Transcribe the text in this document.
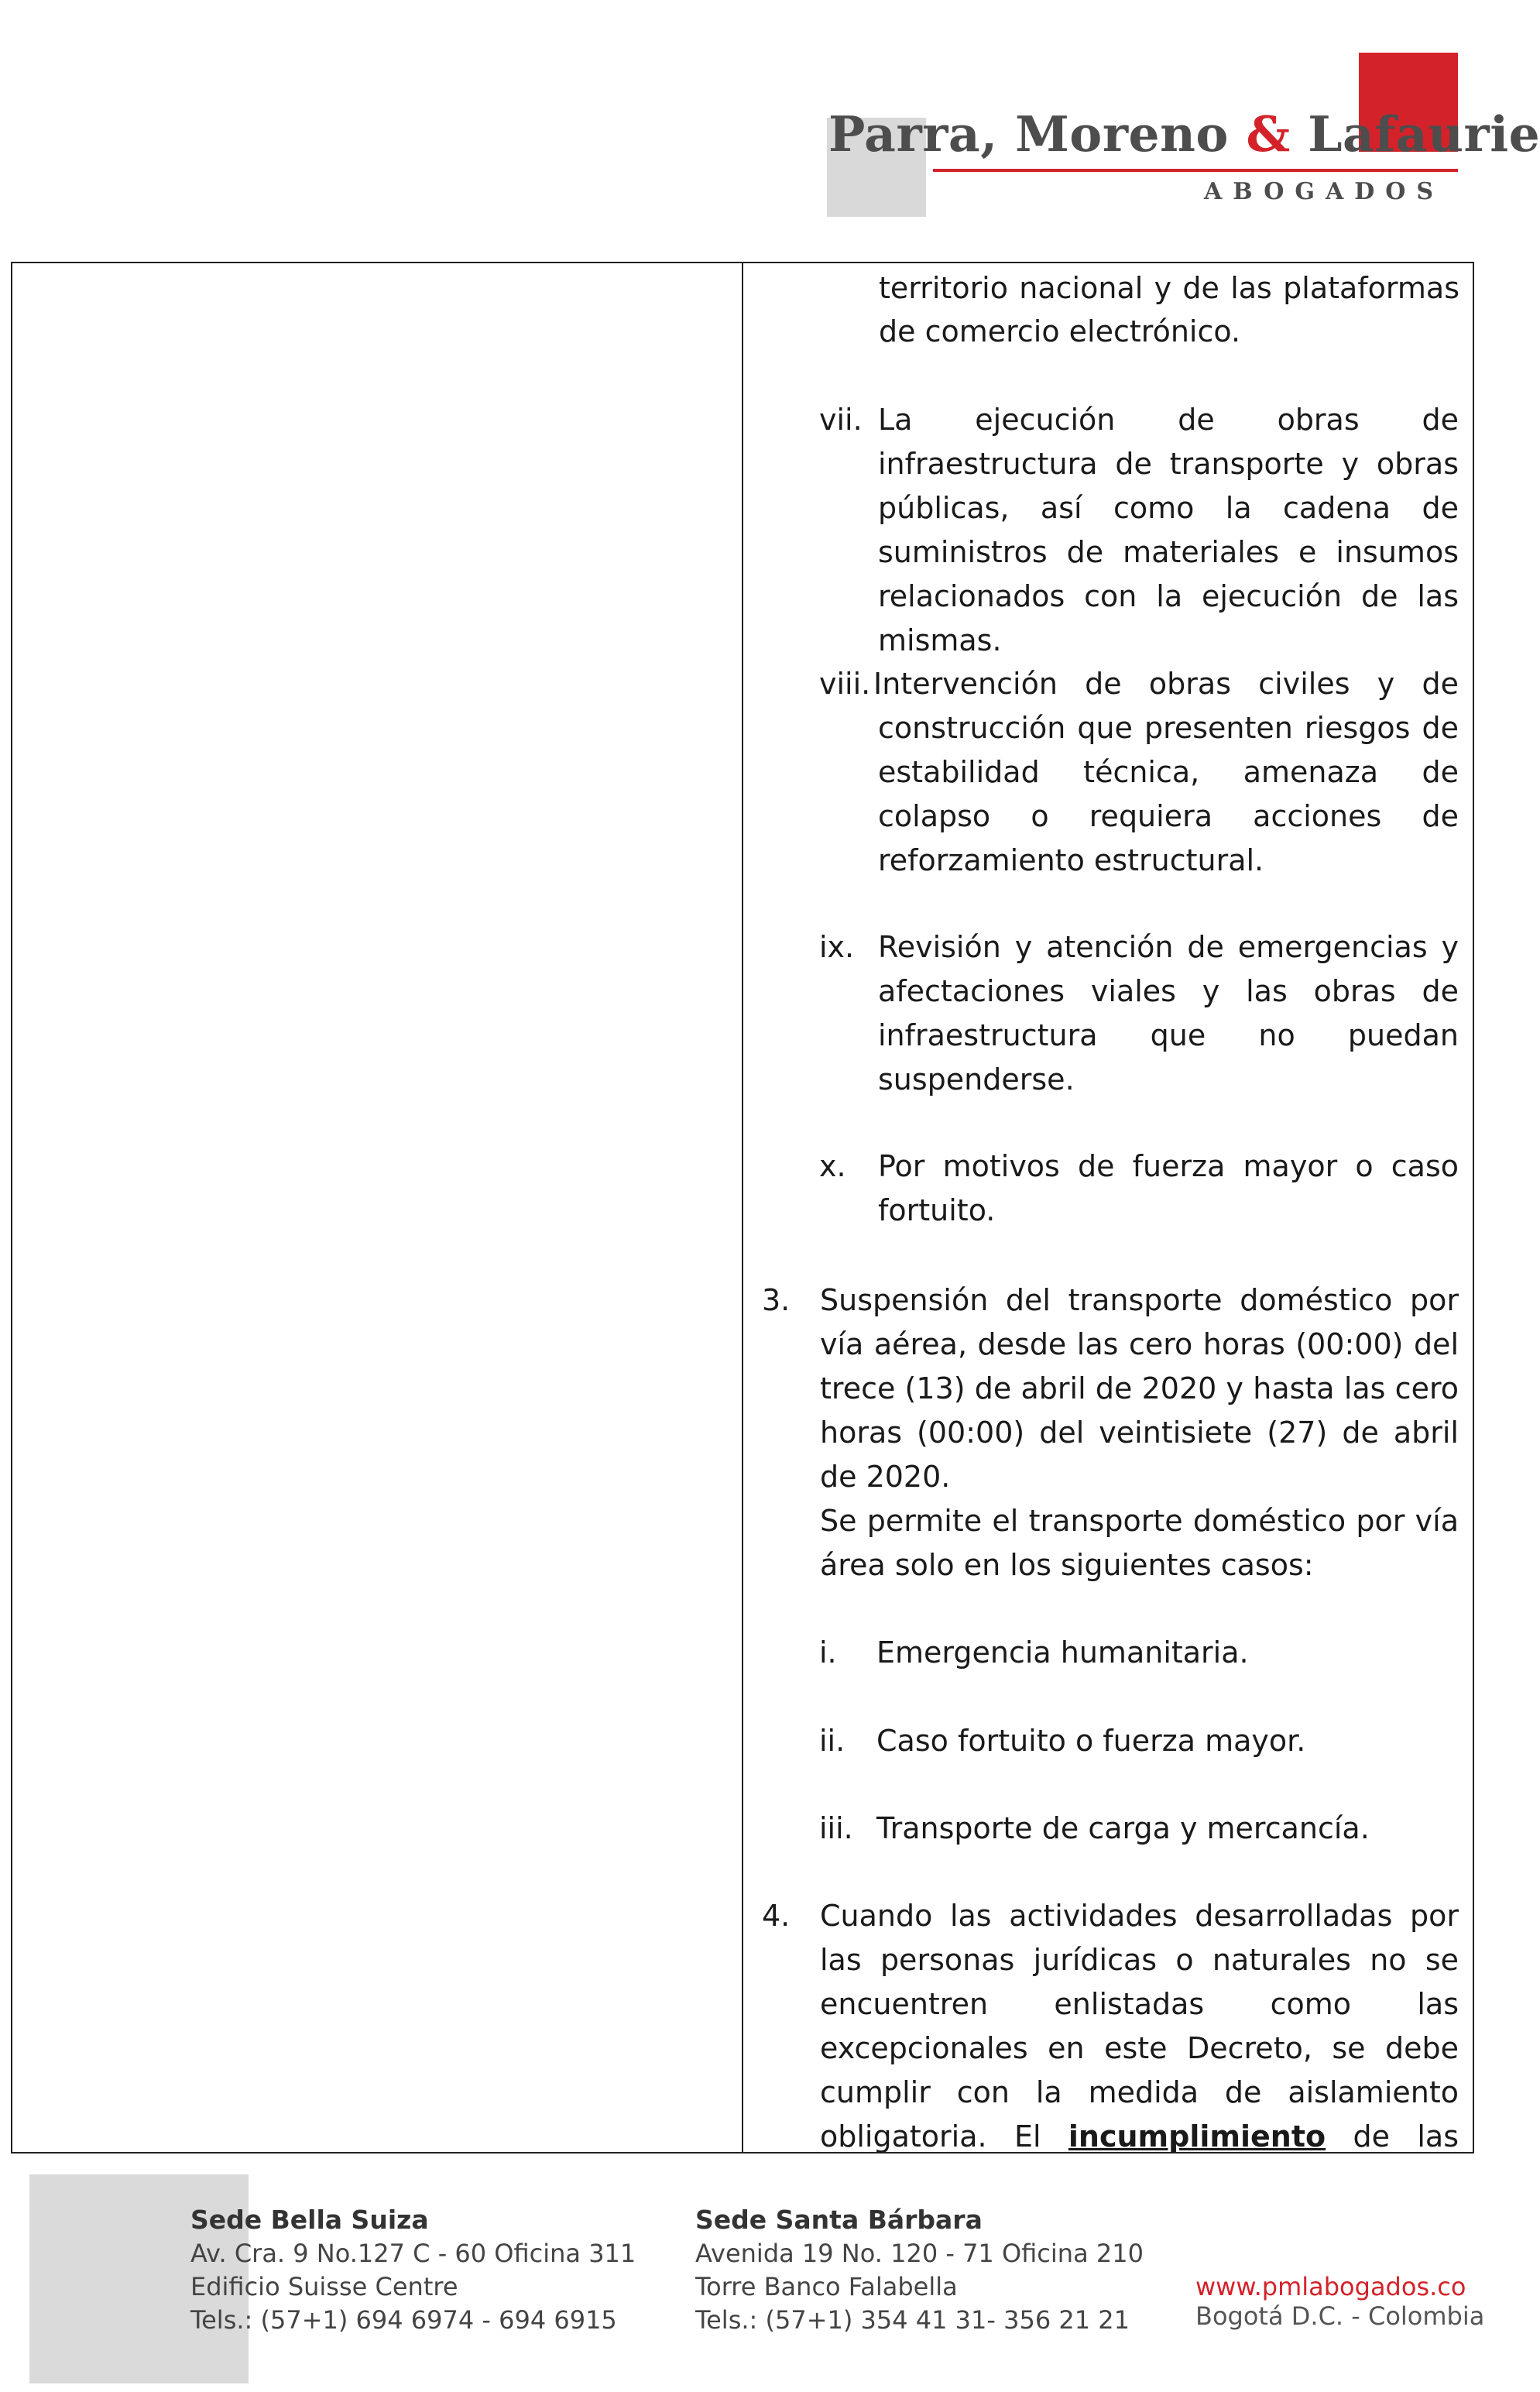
Parra, Moreno & Lafaurie
ABOGADOS
territorio nacional y de las plataformas
de comercio electrónico.
vii. La ejecución de obras de infraestructura de transporte y obras públicas, así como la cadena de suministros de materiales e insumos relacionados con la ejecución de las mismas.
viii. Intervención de obras civiles y de construcción que presenten riesgos de estabilidad técnica, amenaza de colapso o requiera acciones de reforzamiento estructural.
ix. Revisión y atención de emergencias y afectaciones viales y las obras de infraestructura que no puedan suspenderse.
x. Por motivos de fuerza mayor o caso fortuito.
3. Suspensión del transporte doméstico por vía aérea, desde las cero horas (00:00) del trece (13) de abril de 2020 y hasta las cero horas (00:00) del veintisiete (27) de abril de 2020.
Se permite el transporte doméstico por vía área solo en los siguientes casos:
i. Emergencia humanitaria.
ii. Caso fortuito o fuerza mayor.
iii. Transporte de carga y mercancía.
4. Cuando las actividades desarrolladas por las personas jurídicas o naturales no se encuentren enlistadas como las excepcionales en este Decreto, se debe cumplir con la medida de aislamiento obligatoria. El incumplimiento de las
Sede Bella Suiza
Av. Cra. 9 No.127 C - 60 Oficina 311
Edificio Suisse Centre
Tels.: (57+1) 694 6974 - 694 6915
Sede Santa Bárbara
Avenida 19 No. 120 - 71 Oficina 210
Torre Banco Falabella
Tels.: (57+1) 354 41 31- 356 21 21
www.pmlabogados.co
Bogotá D.C. - Colombia
